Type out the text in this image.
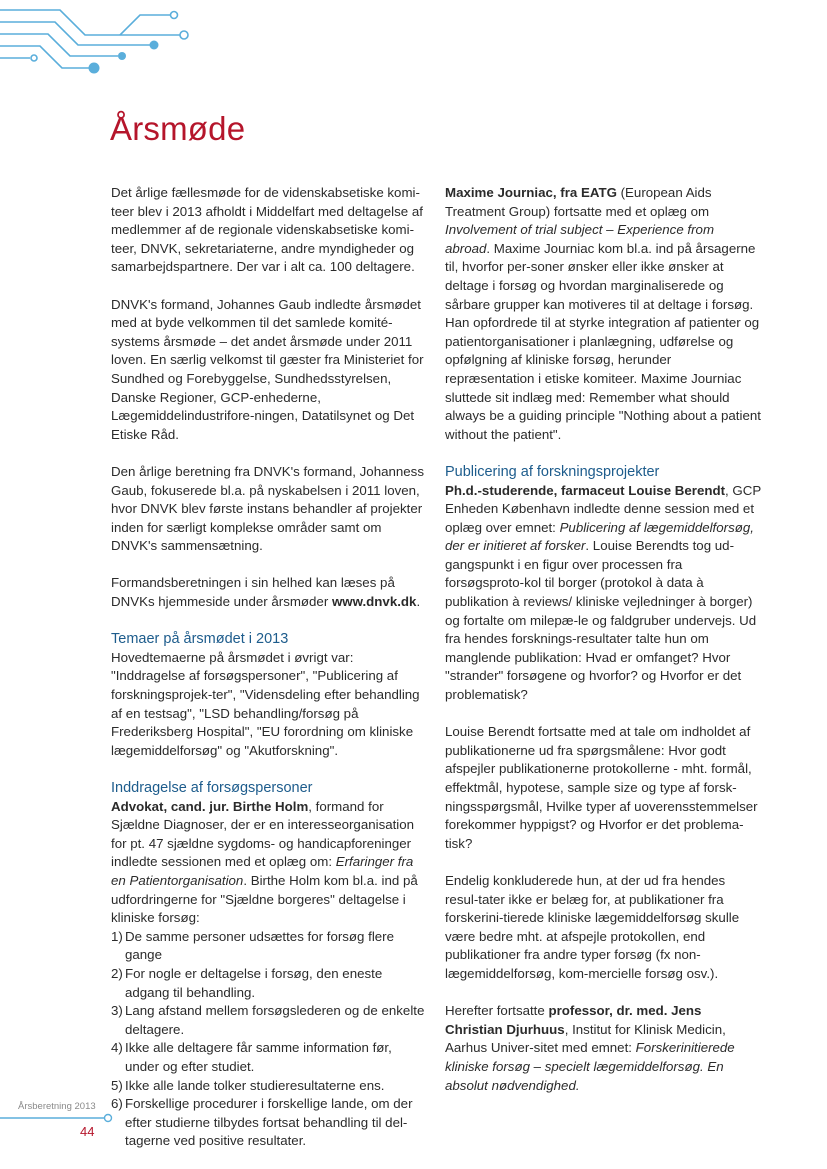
Årsmøde

Det årlige fællesmøde for de videnskabsetiske komi-teer blev i 2013 afholdt i Middelfart med deltagelse af medlemmer af de regionale videnskabsetiske komi-teer, DNVK, sekretariaterne, andre myndigheder og samarbejdspartnere. Der var i alt ca. 100 deltagere.

DNVK's formand, Johannes Gaub indledte årsmødet med at byde velkommen til det samlede komité-systems årsmøde – det andet årsmøde under 2011 loven. En særlig velkomst til gæster fra Ministeriet for Sundhed og Forebyggelse, Sundhedsstyrelsen, Danske Regioner, GCP-enhederne, Lægemiddelindustrifore-ningen, Datatilsynet og Det Etiske Råd.

Den årlige beretning fra DNVK's formand, Johanness Gaub, fokuserede bl.a. på nyskabelsen i 2011 loven, hvor DNVK blev første instans behandler af projekter inden for særligt komplekse områder samt om DNVK's sammensætning.

Formandsberetningen i sin helhed kan læses på DNVKs hjemmeside under årsmøder www.dnvk.dk.

Temaer på årsmødet i 2013

Hovedtemaerne på årsmødet i øvrigt var: "Inddragelse af forsøgspersoner", "Publicering af forskningsprojek-ter", "Vidensdeling efter behandling af en testsag", "LSD behandling/forsøg på Frederiksberg Hospital", "EU forordning om kliniske lægemiddelforsøg" og "Akutforskning".

Inddragelse af forsøgspersoner

Advokat, cand. jur. Birthe Holm, formand for Sjældne Diagnoser, der er en interesseorganisation for pt. 47 sjældne sygdoms- og handicapforeninger indledte sessionen med et oplæg om: Erfaringer fra en Patientorganisation. Birthe Holm kom bl.a. ind på udfordringerne for "Sjældne borgeres" deltagelse i kliniske forsøg:

1) De samme personer udsættes for forsøg flere gange
2) For nogle er deltagelse i forsøg, den eneste adgang til behandling.
3) Lang afstand mellem forsøgslederen og de enkelte deltagere.
4) Ikke alle deltagere får samme information før, under og efter studiet.
5) Ikke alle lande tolker studieresultaterne ens.
6) Forskellige procedurer i forskellige lande, om der efter studierne tilbydes fortsat behandling til del-tagerne ved positive resultater.

Maxime Journiac, fra EATG (European Aids Treatment Group) fortsatte med et oplæg om Involvement of trial subject – Experience from abroad. Maxime Journiac kom bl.a. ind på årsagerne til, hvorfor per-soner ønsker eller ikke ønsker at deltage i forsøg og hvordan marginaliserede og sårbare grupper kan motiveres til at deltage i forsøg. Han opfordrede til at styrke integration af patienter og patientorganisationer i planlægning, udførelse og opfølgning af kliniske forsøg, herunder repræsentation i etiske komiteer. Maxime Journiac sluttede sit indlæg med: Remember what should always be a guiding principle "Nothing about a patient without the patient".

Publicering af forskningsprojekter

Ph.d.-studerende, farmaceut Louise Berendt, GCP Enheden København indledte denne session med et oplæg over emnet: Publicering af lægemiddelforsøg, der er initieret af forsker. Louise Berendts tog ud-gangspunkt i en figur over processen fra forsøgsproto-kol til borger (protokol à data à publikation à reviews/ kliniske vejledninger à borger) og fortalte om milepæ-le og faldgruber undervejs. Ud fra hendes forsknings-resultater talte hun om manglende publikation: Hvad er omfanget? Hvor "strander" forsøgene og hvorfor? og Hvorfor er det problematisk?

Louise Berendt fortsatte med at tale om indholdet af publikationerne ud fra spørgsmålene: Hvor godt afspejler publikationerne protokollerne - mht. formål, effektmål, hypotese, sample size og type af forsk-ningsspørgsmål, Hvilke typer af uoverensstemmelser forekommer hyppigst? og Hvorfor er det problema-tisk?

Endelig konkluderede hun, at der ud fra hendes resul-tater ikke er belæg for, at publikationer fra forskerini-tierede kliniske lægemiddelforsøg skulle være bedre mht. at afspejle protokollen, end publikationer fra andre typer forsøg (fx non-lægemiddelforsøg, kom-mercielle forsøg osv.).

Herefter fortsatte professor, dr. med. Jens Christian Djurhuus, Institut for Klinisk Medicin, Aarhus Univer-sitet med emnet: Forskerinitierede kliniske forsøg – specielt lægemiddelforsøg. En absolut nødvendighed.

Årsberetning 2013
44
